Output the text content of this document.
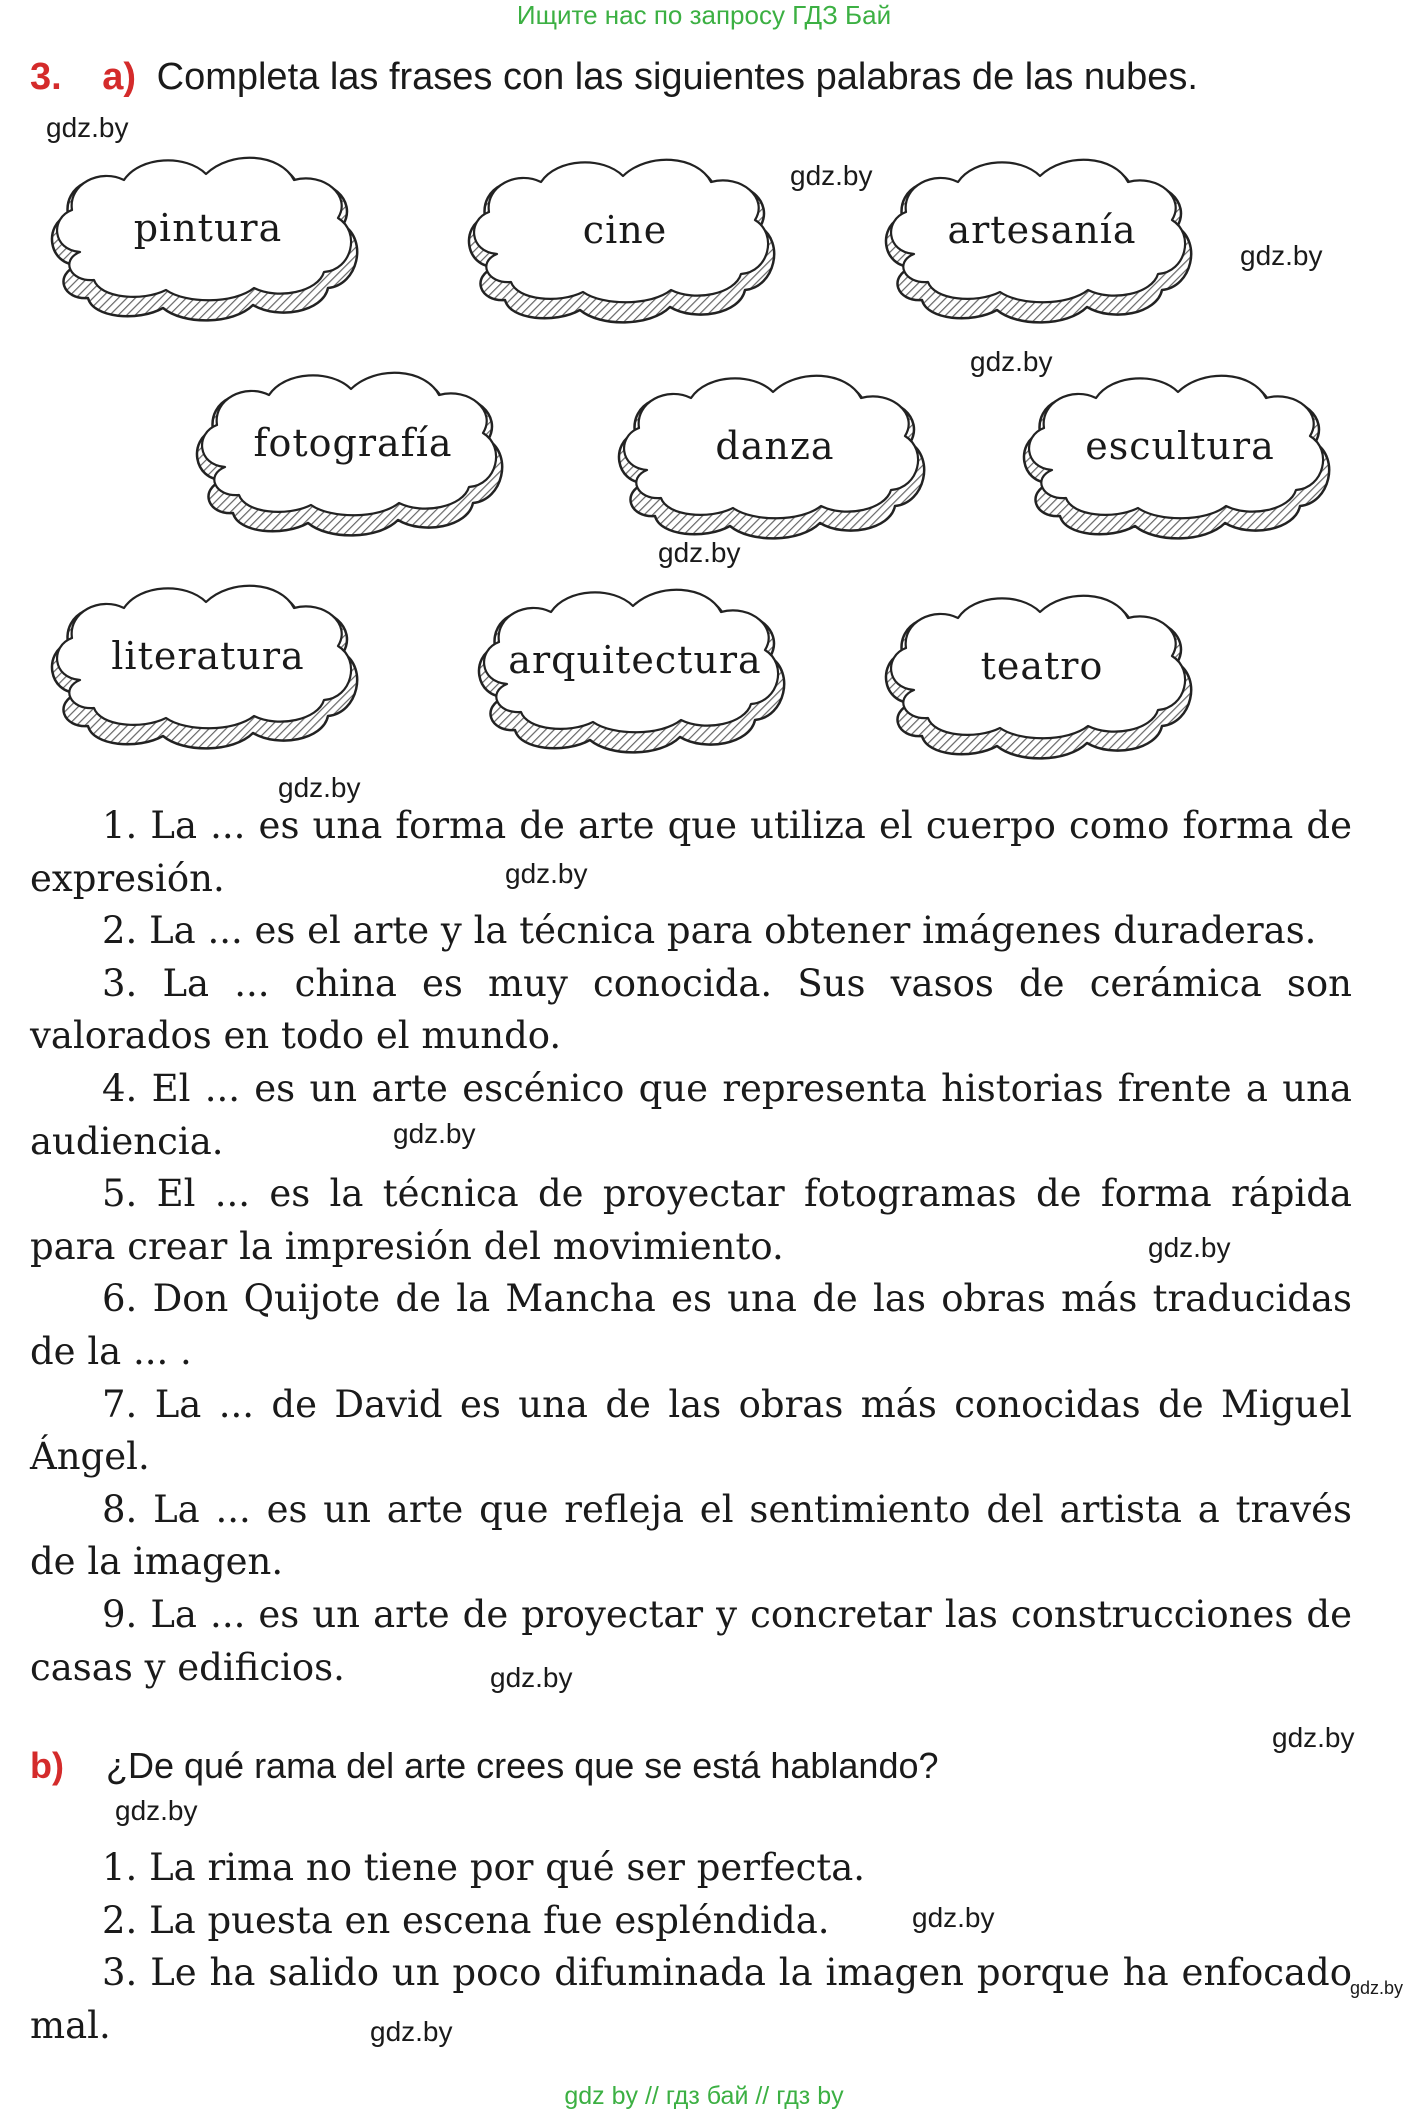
Ищите нас по запросу ГДЗ Бай
3. a) Completa las frases con las siguientes palabras de las nubes.
gdz.by
gdz.by
gdz.by
gdz.by
gdz.by
gdz.by
gdz.by
gdz.by
gdz.by
gdz.by
gdz.by
gdz.by
gdz.by
gdz.by
gdz.by
pintura	cine	artesanía
fotografía	danza	escultura
literatura	arquitectura	teatro

1. La ... es una forma de arte que utiliza el cuerpo como forma de expresión.

2. La ... es el arte y la técnica para obtener imágenes duraderas.

3. La ... china es muy conocida. Sus vasos de cerámica son valorados en todo el mundo.

4. El ... es un arte escénico que representa historias frente a una audiencia.

5. El ... es la técnica de proyectar fotogramas de forma rápida para crear la impresión del movimiento.

6. Don Quijote de la Mancha es una de las obras más traducidas de la ... .

7. La ... de David es una de las obras más conocidas de Miguel Ángel.

8. La ... es un arte que refleja el sentimiento del artista a través de la imagen.

9. La ... es un arte de proyectar y concretar las construcciones de casas y edificios.

b) ¿De qué rama del arte crees que se está hablando?

1. La rima no tiene por qué ser perfecta.

2. La puesta en escena fue espléndida.

3. Le ha salido un poco difuminada la imagen porque ha enfocado mal.

gdz by // гдз бай // гдз by
